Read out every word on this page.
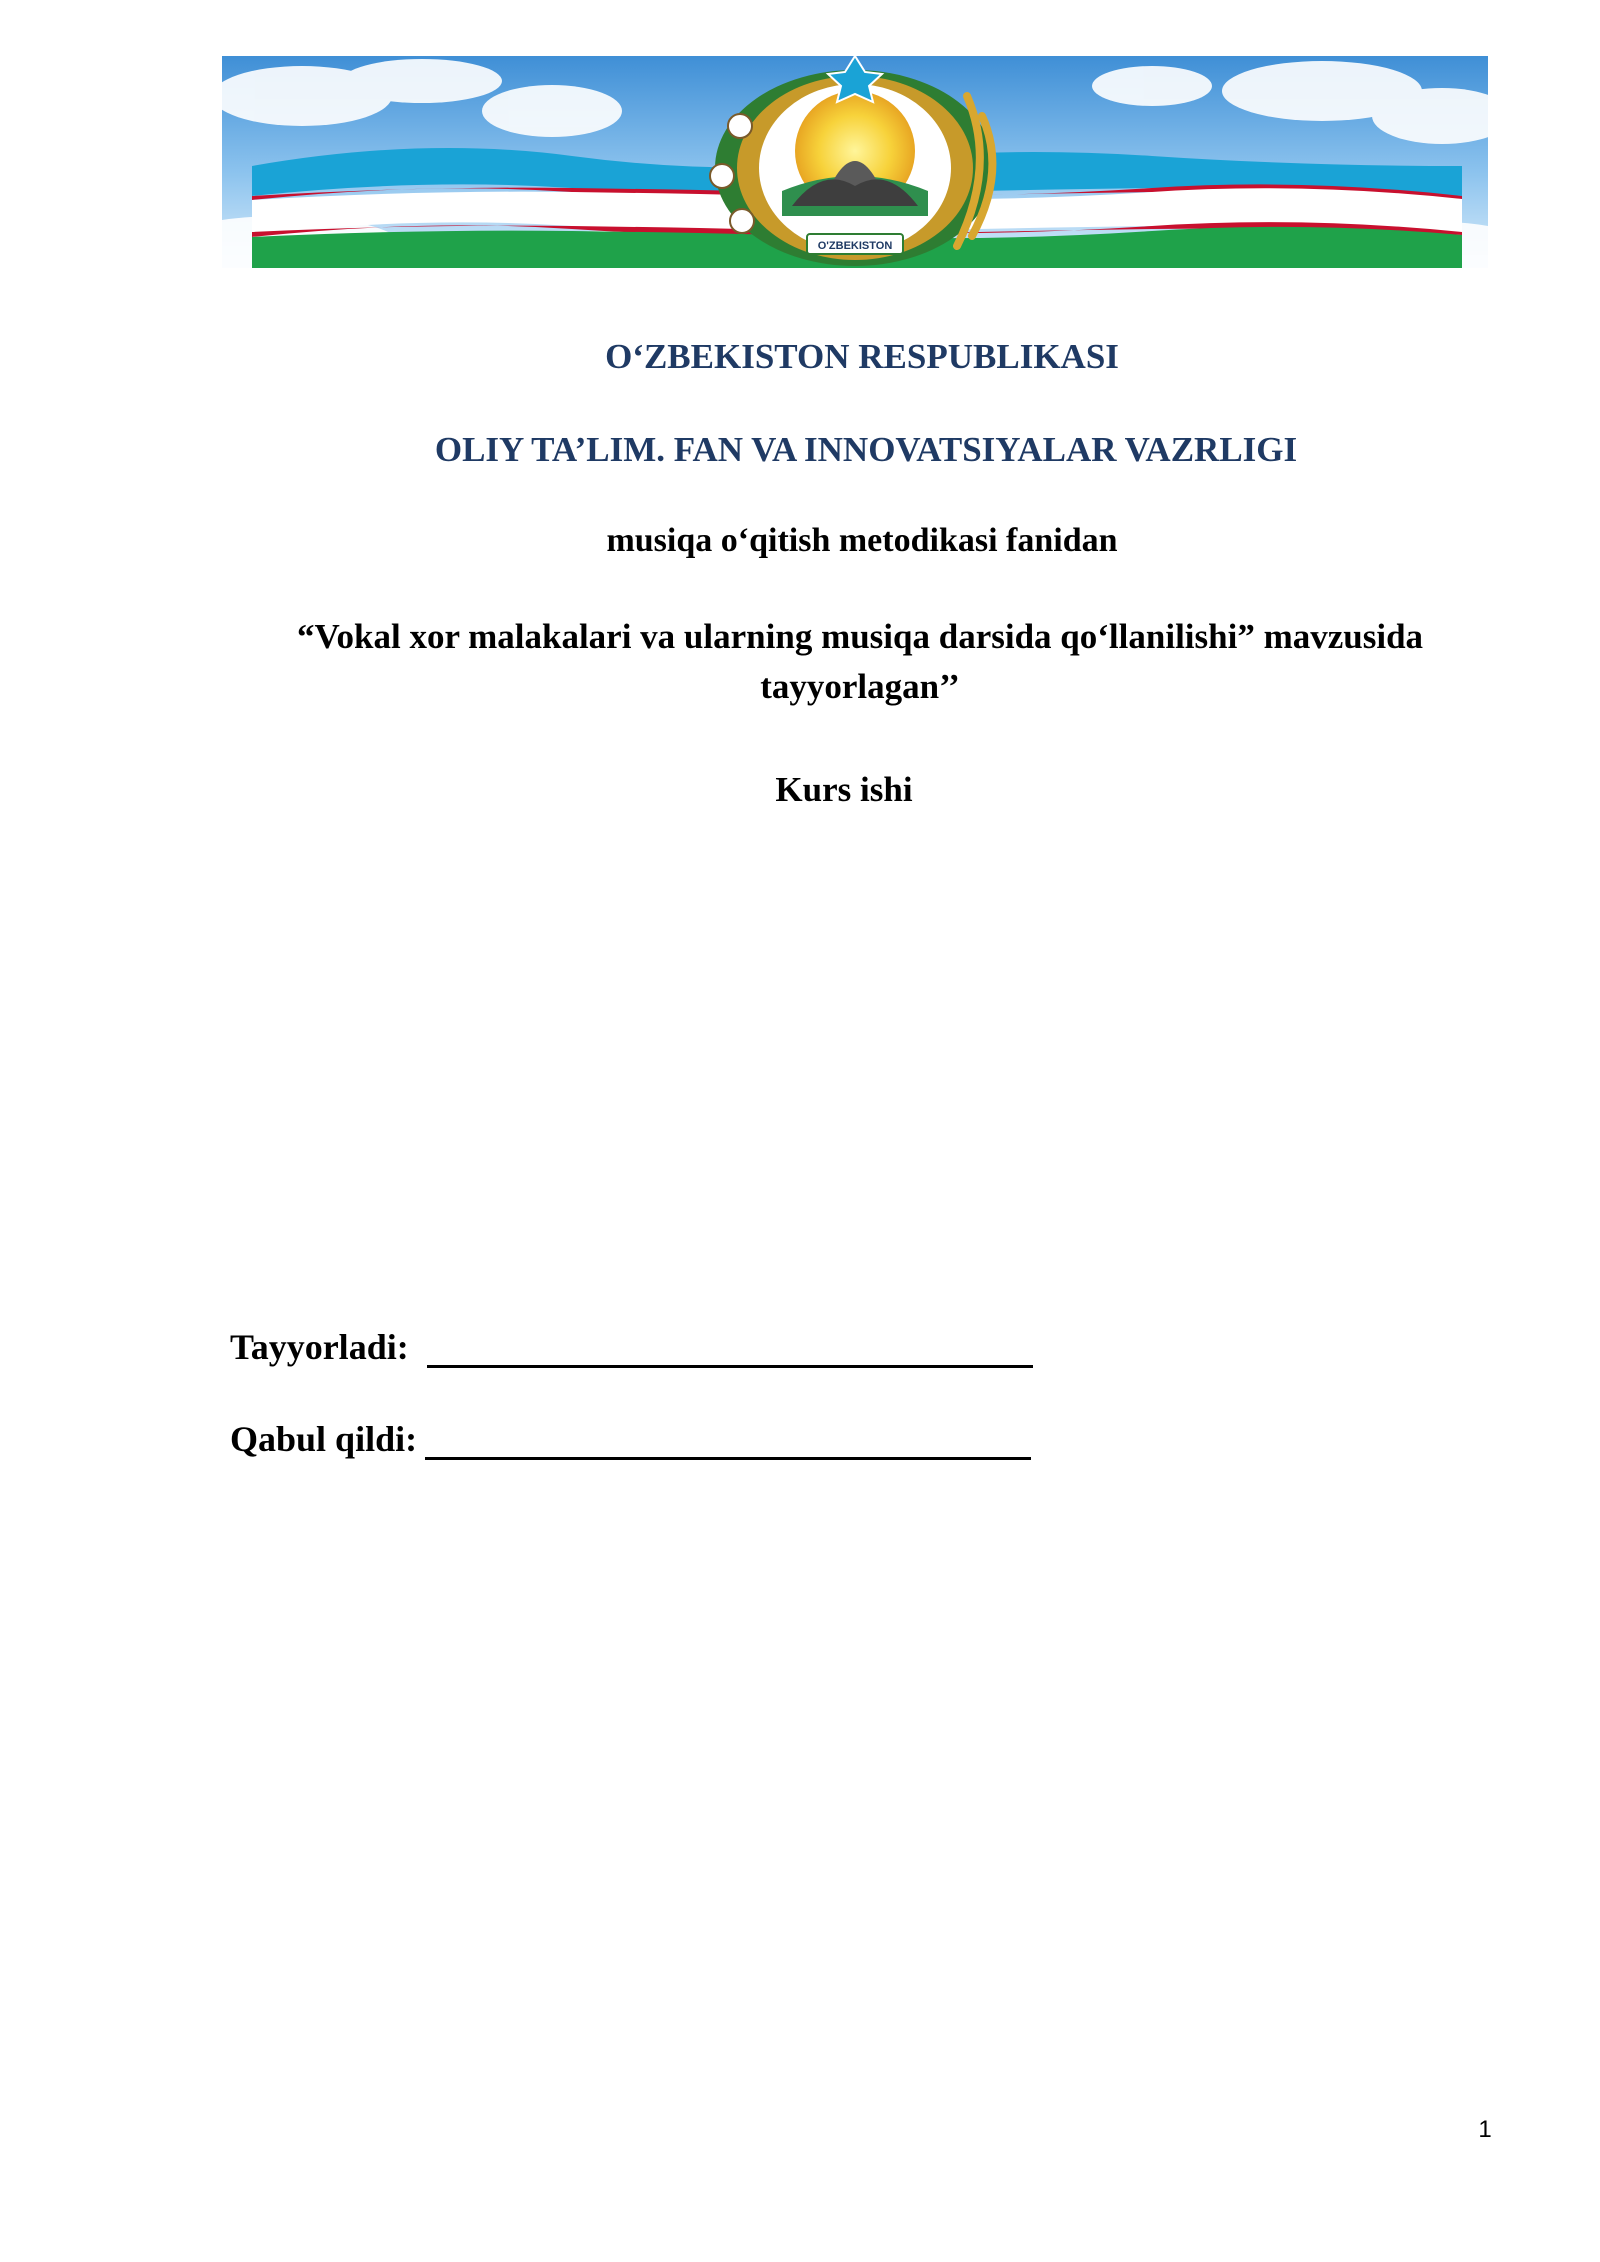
O'ZBEKISTON

O‘ZBEKISTON RESPUBLIKASI

OLIY TA’LIM. FAN VA INNOVATSIYALAR VAZRLIGI

musiqa o‘qitish metodikasi fanidan

“Vokal xor malakalari va ularning musiqa darsida qo‘llanilishi” mavzusida
tayyorlagan’’

Kurs ishi

Tayyorladi:
Qabul qildi:
1
